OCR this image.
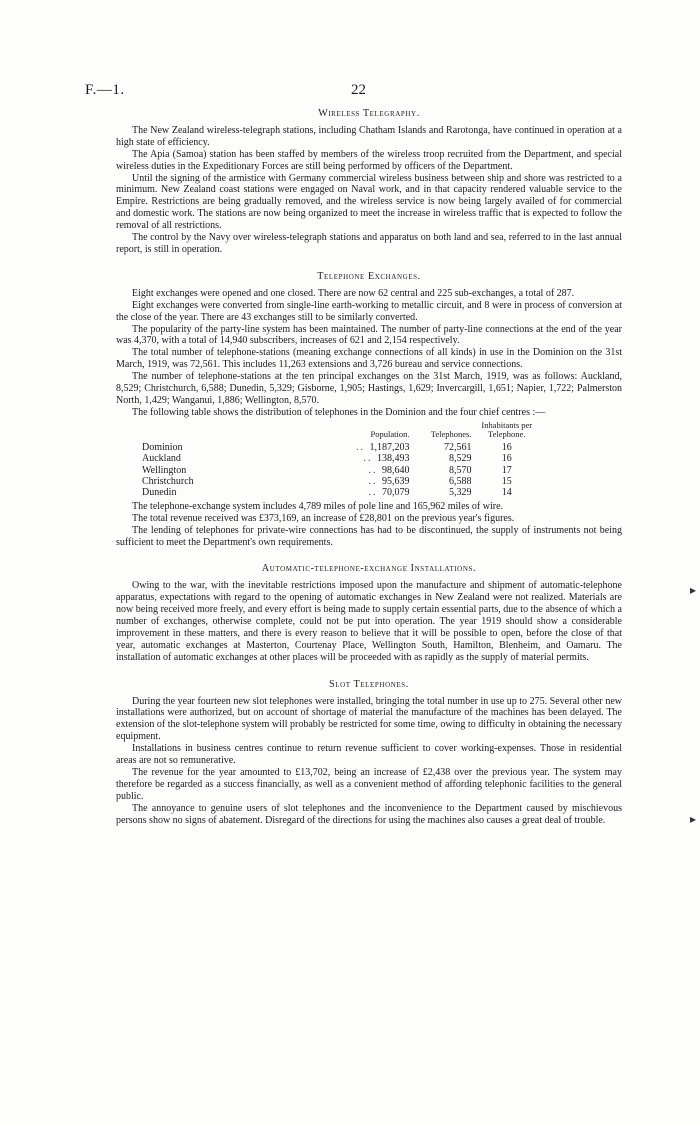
F.—1.	22
Wireless Telegraphy.

The New Zealand wireless-telegraph stations, including Chatham Islands and Rarotonga, have continued in operation at a high state of efficiency.

The Apia (Samoa) station has been staffed by members of the wireless troop recruited from the Department, and special wireless duties in the Expeditionary Forces are still being performed by officers of the Department.

Until the signing of the armistice with Germany commercial wireless business between ship and shore was restricted to a minimum. New Zealand coast stations were engaged on Naval work, and in that capacity rendered valuable service to the Empire. Restrictions are being gradually removed, and the wireless service is now being largely availed of for commercial and domestic work. The stations are now being organized to meet the increase in wireless traffic that is expected to follow the removal of all restrictions.

The control by the Navy over wireless-telegraph stations and apparatus on both land and sea, referred to in the last annual report, is still in operation.

Telephone Exchanges.

Eight exchanges were opened and one closed. There are now 62 central and 225 sub-exchanges, a total of 287.

Eight exchanges were converted from single-line earth-working to metallic circuit, and 8 were in process of conversion at the close of the year. There are 43 exchanges still to be similarly converted.

The popularity of the party-line system has been maintained. The number of party-line connections at the end of the year was 4,370, with a total of 14,940 subscribers, increases of 621 and 2,154 respectively.

The total number of telephone-stations (meaning exchange connections of all kinds) in use in the Dominion on the 31st March, 1919, was 72,561. This includes 11,263 extensions and 3,726 bureau and service connections.

The number of telephone-stations at the ten principal exchanges on the 31st March, 1919, was as follows: Auckland, 8,529; Christchurch, 6,588; Dunedin, 5,329; Gisborne, 1,905; Hastings, 1,629; Invercargill, 1,651; Napier, 1,722; Palmerston North, 1,429; Wanganui, 1,886; Wellington, 8,570.

The following table shows the distribution of telephones in the Dominion and the four chief centres :—

	Population.	Telephones.	Inhabitants per Telephone.
Dominion	.. 1,187,203	72,561	16
Auckland	.. 138,493	8,529	16
Wellington	.. 98,640	8,570	17
Christchurch	.. 95,639	6,588	15
Dunedin	.. 70,079	5,329	14

The telephone-exchange system includes 4,789 miles of pole line and 165,962 miles of wire.

The total revenue received was £373,169, an increase of £28,801 on the previous year's figures.

The lending of telephones for private-wire connections has had to be discontinued, the supply of instruments not being sufficient to meet the Department's own requirements.

Automatic-telephone-exchange Installations.

Owing to the war, with the inevitable restrictions imposed upon the manufacture and shipment of automatic-telephone apparatus, expectations with regard to the opening of automatic exchanges in New Zealand were not realized. Materials are now being received more freely, and every effort is being made to supply certain essential parts, due to the absence of which a number of exchanges, otherwise complete, could not be put into operation. The year 1919 should show a considerable improvement in these matters, and there is every reason to believe that it will be possible to open, before the close of that year, automatic exchanges at Masterton, Courtenay Place, Wellington South, Hamilton, Blenheim, and Oamaru. The installation of automatic exchanges at other places will be proceeded with as rapidly as the supply of material permits.

Slot Telephones.

During the year fourteen new slot telephones were installed, bringing the total number in use up to 275. Several other new installations were authorized, but on account of shortage of material the manufacture of the machines has been delayed. The extension of the slot-telephone system will probably be restricted for some time, owing to difficulty in obtaining the necessary equipment.

Installations in business centres continue to return revenue sufficient to cover working-expenses. Those in residential areas are not so remunerative.

The revenue for the year amounted to £13,702, being an increase of £2,438 over the previous year. The system may therefore be regarded as a success financially, as well as a convenient method of affording telephonic facilities to the general public.

The annoyance to genuine users of slot telephones and the inconvenience to the Department caused by mischievous persons show no signs of abatement. Disregard of the directions for using the machines also causes a great deal of trouble.

▸
▸
